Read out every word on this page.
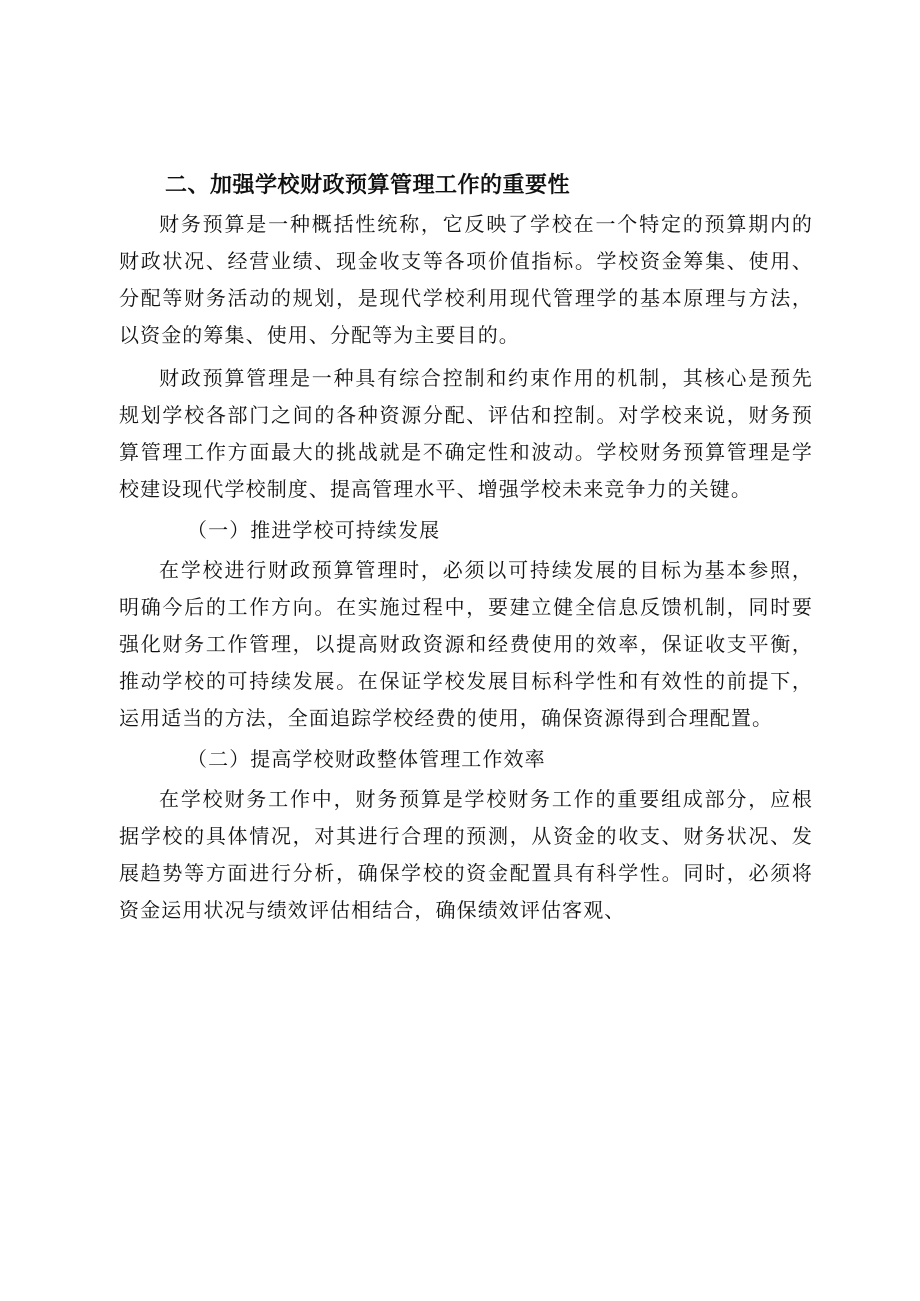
二、加强学校财政预算管理工作的重要性

财务预算是一种概括性统称，它反映了学校在一个特定的预算期内的财政状况、经营业绩、现金收支等各项价值指标。学校资金筹集、使用、分配等财务活动的规划，是现代学校利用现代管理学的基本原理与方法，以资金的筹集、使用、分配等为主要目的。

财政预算管理是一种具有综合控制和约束作用的机制，其核心是预先规划学校各部门之间的各种资源分配、评估和控制。对学校来说，财务预算管理工作方面最大的挑战就是不确定性和波动。学校财务预算管理是学校建设现代学校制度、提高管理水平、增强学校未来竞争力的关键。

（一）推进学校可持续发展

在学校进行财政预算管理时，必须以可持续发展的目标为基本参照，明确今后的工作方向。在实施过程中，要建立健全信息反馈机制，同时要强化财务工作管理，以提高财政资源和经费使用的效率，保证收支平衡，推动学校的可持续发展。在保证学校发展目标科学性和有效性的前提下，运用适当的方法，全面追踪学校经费的使用，确保资源得到合理配置。

（二）提高学校财政整体管理工作效率

在学校财务工作中，财务预算是学校财务工作的重要组成部分，应根据学校的具体情况，对其进行合理的预测，从资金的收支、财务状况、发展趋势等方面进行分析，确保学校的资金配置具有科学性。同时，必须将资金运用状况与绩效评估相结合，确保绩效评估客观、
